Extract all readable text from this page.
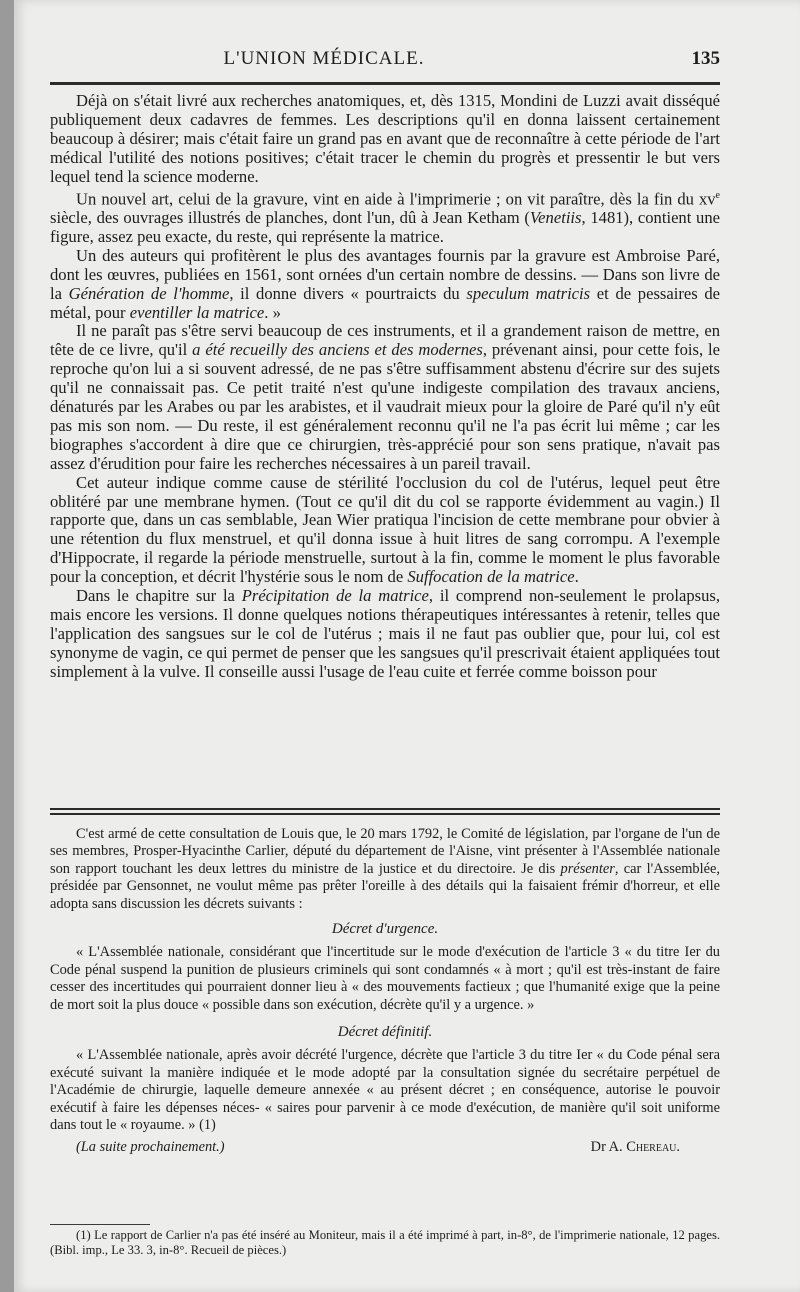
L'UNION MÉDICALE.	135

Déjà on s'était livré aux recherches anatomiques, et, dès 1315, Mondini de Luzzi avait disséqué publiquement deux cadavres de femmes. Les descriptions qu'il en donna laissent certainement beaucoup à désirer; mais c'était faire un grand pas en avant que de reconnaître à cette période de l'art médical l'utilité des notions positives; c'était tracer le chemin du progrès et pressentir le but vers lequel tend la science moderne.

Un nouvel art, celui de la gravure, vint en aide à l'imprimerie ; on vit paraître, dès la fin du $xv^e$ siècle, des ouvrages illustrés de planches, dont l'un, dû à Jean Ketham (Venetiis, 1481), contient une figure, assez peu exacte, du reste, qui représente la matrice.

Un des auteurs qui profitèrent le plus des avantages fournis par la gravure est Ambroise Paré, dont les œuvres, publiées en 1561, sont ornées d'un certain nombre de dessins. — Dans son livre de la Génération de l'homme, il donne divers « pourtraicts du speculum matricis et de pessaires de métal, pour eventiller la matrice. »

Il ne paraît pas s'être servi beaucoup de ces instruments, et il a grandement raison de mettre, en tête de ce livre, qu'il a été recueilly des anciens et des modernes, prévenant ainsi, pour cette fois, le reproche qu'on lui a si souvent adressé, de ne pas s'être suffisamment abstenu d'écrire sur des sujets qu'il ne connaissait pas. Ce petit traité n'est qu'une indigeste compilation des travaux anciens, dénaturés par les Arabes ou par les arabistes, et il vaudrait mieux pour la gloire de Paré qu'il n'y eût pas mis son nom. — Du reste, il est généralement reconnu qu'il ne l'a pas écrit lui même ; car les biographes s'accordent à dire que ce chirurgien, très-apprécié pour son sens pratique, n'avait pas assez d'érudition pour faire les recherches nécessaires à un pareil travail.

Cet auteur indique comme cause de stérilité l'occlusion du col de l'utérus, lequel peut être oblitéré par une membrane hymen. (Tout ce qu'il dit du col se rapporte évidemment au vagin.) Il rapporte que, dans un cas semblable, Jean Wier pratiqua l'incision de cette membrane pour obvier à une rétention du flux menstruel, et qu'il donna issue à huit litres de sang corrompu. A l'exemple d'Hippocrate, il regarde la période menstruelle, surtout à la fin, comme le moment le plus favorable pour la conception, et décrit l'hystérie sous le nom de Suffocation de la matrice.

Dans le chapitre sur la Précipitation de la matrice, il comprend non-seulement le prolapsus, mais encore les versions. Il donne quelques notions thérapeutiques intéressantes à retenir, telles que l'application des sangsues sur le col de l'utérus ; mais il ne faut pas oublier que, pour lui, col est synonyme de vagin, ce qui permet de penser que les sangsues qu'il prescrivait étaient appliquées tout simplement à la vulve. Il conseille aussi l'usage de l'eau cuite et ferrée comme boisson pour

C'est armé de cette consultation de Louis que, le 20 mars 1792, le Comité de législation, par l'organe de l'un de ses membres, Prosper-Hyacinthe Carlier, député du département de l'Aisne, vint présenter à l'Assemblée nationale son rapport touchant les deux lettres du ministre de la justice et du directoire. Je dis présenter, car l'Assemblée, présidée par Gensonnet, ne voulut même pas prêter l'oreille à des détails qui la faisaient frémir d'horreur, et elle adopta sans discussion les décrets suivants :

Décret d'urgence.

« L'Assemblée nationale, considérant que l'incertitude sur le mode d'exécution de l'article 3 « du titre Ier du Code pénal suspend la punition de plusieurs criminels qui sont condamnés « à mort ; qu'il est très-instant de faire cesser des incertitudes qui pourraient donner lieu à « des mouvements factieux ; que l'humanité exige que la peine de mort soit la plus douce « possible dans son exécution, décrète qu'il y a urgence. »

Décret définitif.

« L'Assemblée nationale, après avoir décrété l'urgence, décrète que l'article 3 du titre Ier « du Code pénal sera exécuté suivant la manière indiquée et le mode adopté par la consultation signée du secrétaire perpétuel de l'Académie de chirurgie, laquelle demeure annexée « au présent décret ; en conséquence, autorise le pouvoir exécutif à faire les dépenses néces- « saires pour parvenir à ce mode d'exécution, de manière qu'il soit uniforme dans tout le « royaume. » (1)

(La suite prochainement.)	Dr A. Chereau.
(1) Le rapport de Carlier n'a pas été inséré au Moniteur, mais il a été imprimé à part, in-8°, de l'imprimerie nationale, 12 pages. (Bibl. imp., Le 33. 3, in-8°. Recueil de pièces.)
